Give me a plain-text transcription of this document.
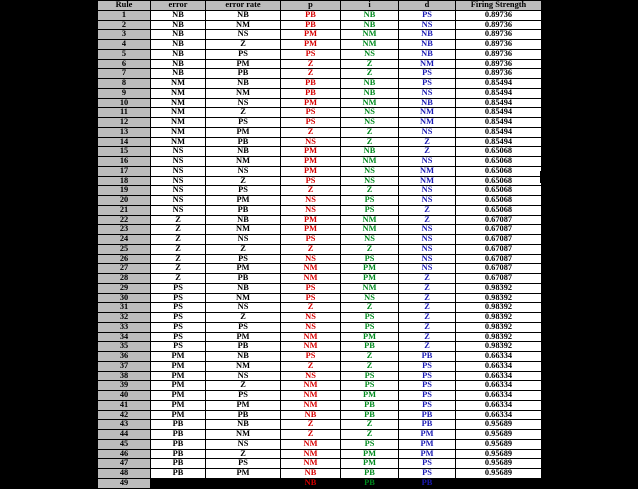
Rule	error	error rate	p	i	d	Firing Strength
1	NB	NB	PB	NB	PS	0.89736
2	NB	NM	PB	NB	NS	0.89736
3	NB	NS	PM	NM	NB	0.89736
4	NB	Z	PM	NM	NB	0.89736
5	NB	PS	PS	NS	NB	0.89736
6	NB	PM	Z	Z	NM	0.89736
7	NB	PB	Z	Z	PS	0.89736
8	NM	NB	PB	NB	PS	0.85494
9	NM	NM	PB	NB	NS	0.85494
10	NM	NS	PM	NM	NB	0.85494
11	NM	Z	PS	NS	NM	0.85494
12	NM	PS	PS	NS	NM	0.85494
13	NM	PM	Z	Z	NS	0.85494
14	NM	PB	NS	Z	Z	0.85494
15	NS	NB	PM	NB	Z	0.65068
16	NS	NM	PM	NM	NS	0.65068
17	NS	NS	PM	NS	NM	0.65068
18	NS	Z	PS	NS	NM	0.65068
19	NS	PS	Z	Z	NS	0.65068
20	NS	PM	NS	PS	NS	0.65068
21	NS	PB	NS	PS	Z	0.65068
22	Z	NB	PM	NM	Z	0.67087
23	Z	NM	PM	NM	NS	0.67087
24	Z	NS	PS	NS	NS	0.67087
25	Z	Z	Z	Z	NS	0.67087
26	Z	PS	NS	PS	NS	0.67087
27	Z	PM	NM	PM	NS	0.67087
28	Z	PB	NM	PM	Z	0.67087
29	PS	NB	PS	NM	Z	0.98392
30	PS	NM	PS	NS	Z	0.98392
31	PS	NS	Z	Z	Z	0.98392
32	PS	Z	NS	PS	Z	0.98392
33	PS	PS	NS	PS	Z	0.98392
34	PS	PM	NM	PM	Z	0.98392
35	PS	PB	NM	PB	Z	0.98392
36	PM	NB	PS	Z	PB	0.66334
37	PM	NM	Z	Z	PS	0.66334
38	PM	NS	NS	PS	PS	0.66334
39	PM	Z	NM	PS	PS	0.66334
40	PM	PS	NM	PM	PS	0.66334
41	PM	PM	NM	PB	PS	0.66334
42	PM	PB	NB	PB	PB	0.66334
43	PB	NB	Z	Z	PB	0.95689
44	PB	NM	Z	Z	PM	0.95689
45	PB	NS	NM	PS	PM	0.95689
46	PB	Z	NM	PM	PM	0.95689
47	PB	PS	NM	PM	PS	0.95689
48	PB	PM	NB	PB	PS	0.95689
49	PB	PB	NB	PB	PB	0.95689
